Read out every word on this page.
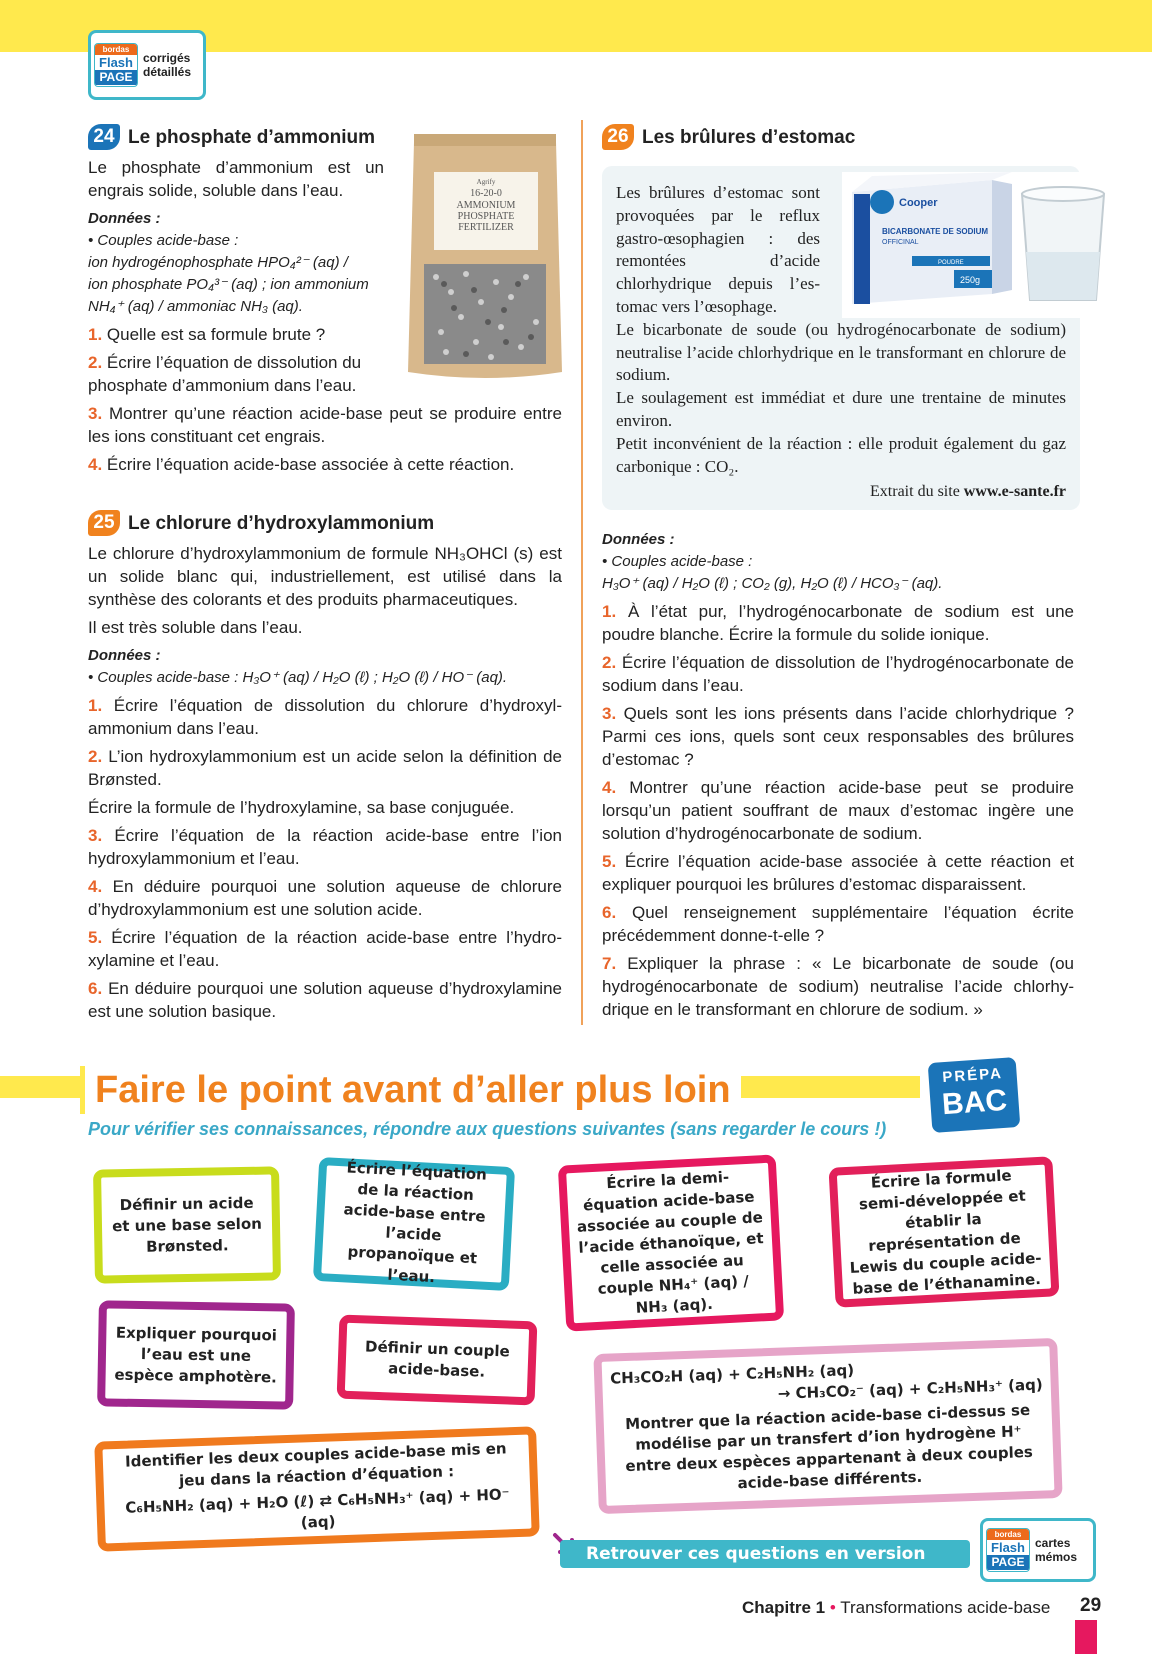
bordas
Flash
PAGE
corrigés
détaillés
24 Le phosphate d’ammonium

Le phosphate d’ammonium est un engrais solide, soluble dans l’eau.

Données :
• Couples acide-base :
ion hydrogénophosphate HPO₄²⁻ (aq) /
ion phosphate PO₄³⁻ (aq) ; ion ammonium
NH₄⁺ (aq) / ammoniac NH₃ (aq).

1. Quelle est sa formule brute ?

2. Écrire l’équation de dissolution du phosphate d’ammonium dans l’eau.

3. Montrer qu’une réaction acide-base peut se produire entre les ions constituant cet engrais.

4. Écrire l’équation acide-base associée à cette réaction.

Agrify
16-20-0
AMMONIUM
PHOSPHATE
FERTILIZER
25 Le chlorure d’hydroxylammonium

Le chlorure d’hydroxylammonium de formule NH₃OHCl (s) est un solide blanc qui, industriellement, est utilisé dans la synthèse des colorants et des produits pharmaceutiques.

Il est très soluble dans l’eau.

Données :
• Couples acide-base : H₃O⁺ (aq) / H₂O (ℓ) ; H₂O (ℓ) / HO⁻ (aq).

1. Écrire l’équation de dissolution du chlorure d’hydroxylammonium dans l’eau.

2. L’ion hydroxylammonium est un acide selon la définition de Brønsted.

Écrire la formule de l’hydroxylamine, sa base conjuguée.

3. Écrire l’équation de la réaction acide-base entre l’ion hydroxylammonium et l’eau.

4. En déduire pourquoi une solution aqueuse de chlorure d’hydroxylammonium est une solution acide.

5. Écrire l’équation de la réaction acide-base entre l’hydroxylamine et l’eau.

6. En déduire pourquoi une solution aqueuse d’hydroxylamine est une solution basique.

26 Les brûlures d’estomac
Cooper
BICARBONATE DE SODIUM
OFFICINAL
POUDRE
250g

Les brûlures d’estomac sont provoquées par le reflux gastro-œsophagien : des remontées d’acide chlorhydrique depuis l’estomac vers l’œsophage.

Le bicarbonate de soude (ou hydrogénocarbonate de sodium) neutralise l’acide chlorhydrique en le transformant en chlorure de sodium.

Le soulagement est immédiat et dure une trentaine de minutes environ.

Petit inconvénient de la réaction : elle produit également du gaz carbonique : CO₂.

Extrait du site www.e-sante.fr
Données :
• Couples acide-base :
H₃O⁺ (aq) / H₂O (ℓ) ; CO₂ (g), H₂O (ℓ) / HCO₃⁻ (aq).

1. À l’état pur, l’hydrogénocarbonate de sodium est une poudre blanche. Écrire la formule du solide ionique.

2. Écrire l’équation de dissolution de l’hydrogénocarbonate de sodium dans l’eau.

3. Quels sont les ions présents dans l’acide chlorhydrique ? Parmi ces ions, quels sont ceux responsables des brûlures d’estomac ?

4. Montrer qu’une réaction acide-base peut se produire lorsqu’un patient souffrant de maux d’estomac ingère une solution d’hydrogénocarbonate de sodium.

5. Écrire l’équation acide-base associée à cette réaction et expliquer pourquoi les brûlures d’estomac disparaissent.

6. Quel renseignement supplémentaire l’équation écrite précédemment donne-t-elle ?

7. Expliquer la phrase : « Le bicarbonate de soude (ou hydrogénocarbonate de sodium) neutralise l’acide chlorhydrique en le transformant en chlorure de sodium. »

Faire le point avant d’aller plus loin	PRÉPA
BAC
Pour vérifier ses connaissances, répondre aux questions suivantes (sans regarder le cours !)
Définir un acide et une base selon Brønsted.
Écrire l’équation de la réaction acide-base entre l’acide propanoïque et l’eau.
Écrire la demi-équation acide-base associée au couple de l’acide éthanoïque, et celle associée au couple NH₄⁺ (aq) / NH₃ (aq).
Écrire la formule semi-développée et établir la représentation de Lewis du couple acide-base de l’éthanamine.
Expliquer pourquoi l’eau est une espèce amphotère.
Définir un couple acide-base.	CH₃CO₂H (aq) + C₂H₅NH₂ (aq)
→ CH₃CO₂⁻ (aq) + C₂H₅NH₃⁺ (aq)
Montrer que la réaction acide-base ci-dessus se modélise par un transfert d’ion hydrogène H⁺ entre deux espèces appartenant à deux couples acide-base différents.
Identifier les deux couples acide-base mis en jeu dans la réaction d’équation :
C₆H₅NH₂ (aq) + H₂O (ℓ) ⇄ C₆H₅NH₃⁺ (aq) + HO⁻ (aq)
Retrouver ces questions en version numérique
bordas
Flash
PAGE
cartes
mémos
Chapitre 1 • Transformations acide-base 29
